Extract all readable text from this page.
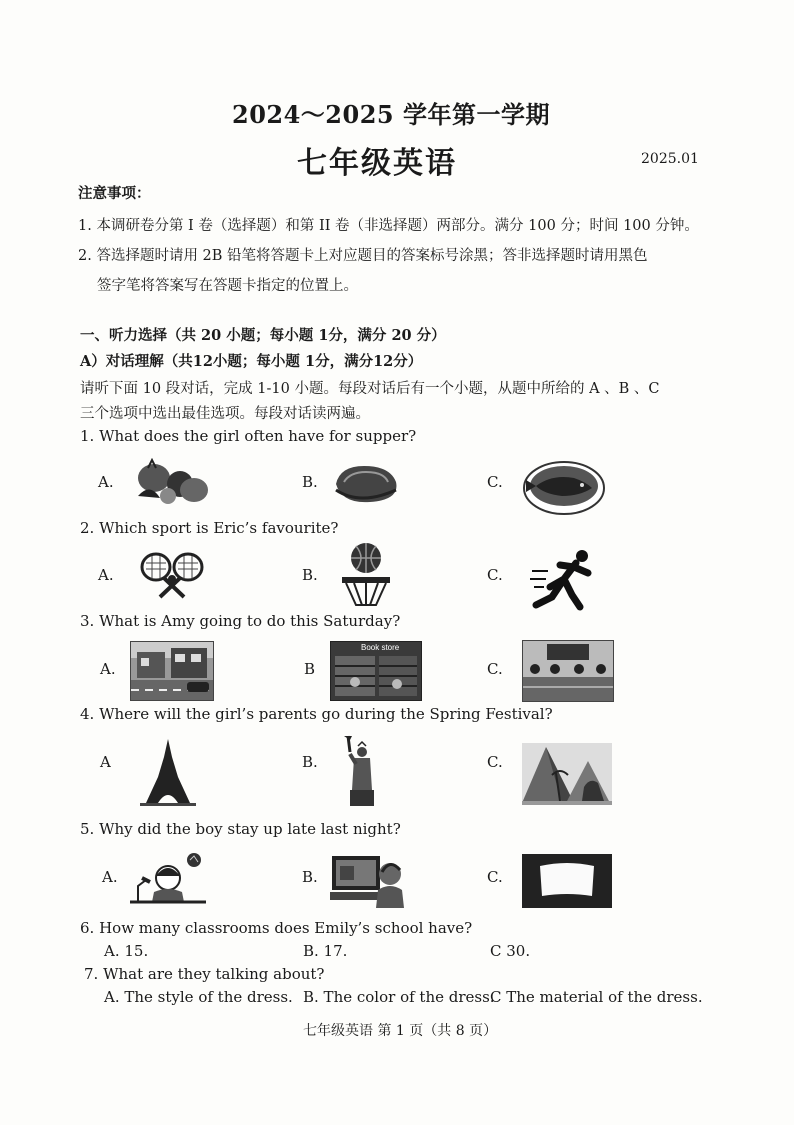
2024～2025 学年第一学期
七年级英语	2025.01
注意事项：
1. 本调研卷分第 I 卷（选择题）和第 II 卷（非选择题）两部分。满分 100 分；时间 100 分钟。
2. 答选择题时请用 2B 铅笔将答题卡上对应题目的答案标号涂黑；答非选择题时请用黑色
签字笔将答案写在答题卡指定的位置上。
一、听力选择（共 20 小题；每小题 1分，满分 20 分）
A）对话理解（共12小题；每小题 1分，满分12分）
请听下面 10 段对话，完成 1-10 小题。每段对话后有一个小题，从题中所给的 A 、B 、C
三个选项中选出最佳选项。每段对话读两遍。
1. What does the girl often have for supper?
A.	B.	C.
2. Which sport is Eric’s favourite?
A.	B.	C.
3. What is Amy going to do this Saturday?
A.	B
Book store
C.
4. Where will the girl’s parents go during the Spring Festival?
A	B.	C.
5. Why did the boy stay up late last night?
A.	B.	C.
6. How many classrooms does Emily’s school have?
A. 15.	B. 17.	C 30.
7. What are they talking about?
A. The style of the dress. B. The color of the dress.
C The material of the dress.
七年级英语 第 1 页（共 8 页）
